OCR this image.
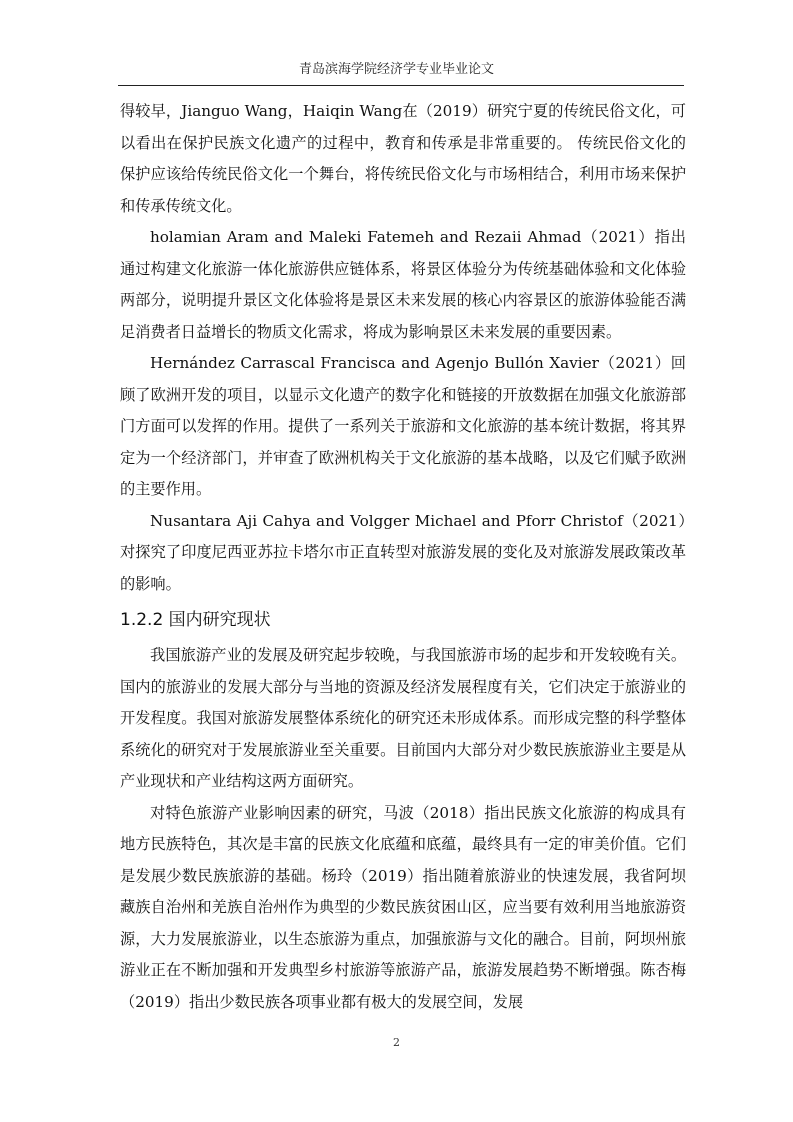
青岛滨海学院经济学专业毕业论文

得较早，Jianguo Wang，Haiqin Wang在（2019）研究宁夏的传统民俗文化，可以看出在保护民族文化遗产的过程中，教育和传承是非常重要的。 传统民俗文化的保护应该给传统民俗文化一个舞台，将传统民俗文化与市场相结合，利用市场来保护和传承传统文化。

holamian Aram and Maleki Fatemeh and Rezaii Ahmad（2021）指出通过构建文化旅游一体化旅游供应链体系，将景区体验分为传统基础体验和文化体验两部分，说明提升景区文化体验将是景区未来发展的核心内容景区的旅游体验能否满足消费者日益增长的物质文化需求，将成为影响景区未来发展的重要因素。

Hernández Carrascal Francisca and Agenjo Bullón Xavier（2021）回顾了欧洲开发的项目，以显示文化遗产的数字化和链接的开放数据在加强文化旅游部门方面可以发挥的作用。提供了一系列关于旅游和文化旅游的基本统计数据，将其界定为一个经济部门，并审查了欧洲机构关于文化旅游的基本战略，以及它们赋予欧洲的主要作用。

Nusantara Aji Cahya and Volgger Michael and Pforr Christof（2021）对探究了印度尼西亚苏拉卡塔尔市正直转型对旅游发展的变化及对旅游发展政策改革的影响。

1.2.2 国内研究现状

我国旅游产业的发展及研究起步较晚，与我国旅游市场的起步和开发较晚有关。国内的旅游业的发展大部分与当地的资源及经济发展程度有关，它们决定于旅游业的开发程度。我国对旅游发展整体系统化的研究还未形成体系。而形成完整的科学整体系统化的研究对于发展旅游业至关重要。目前国内大部分对少数民族旅游业主要是从产业现状和产业结构这两方面研究。

对特色旅游产业影响因素的研究，马波（2018）指出民族文化旅游的构成具有地方民族特色，其次是丰富的民族文化底蕴和底蕴，最终具有一定的审美价值。它们是发展少数民族旅游的基础。杨玲（2019）指出随着旅游业的快速发展，我省阿坝藏族自治州和羌族自治州作为典型的少数民族贫困山区，应当要有效利用当地旅游资源，大力发展旅游业，以生态旅游为重点，加强旅游与文化的融合。目前，阿坝州旅游业正在不断加强和开发典型乡村旅游等旅游产品，旅游发展趋势不断增强。陈杏梅（2019）指出少数民族各项事业都有极大的发展空间，发展

2
